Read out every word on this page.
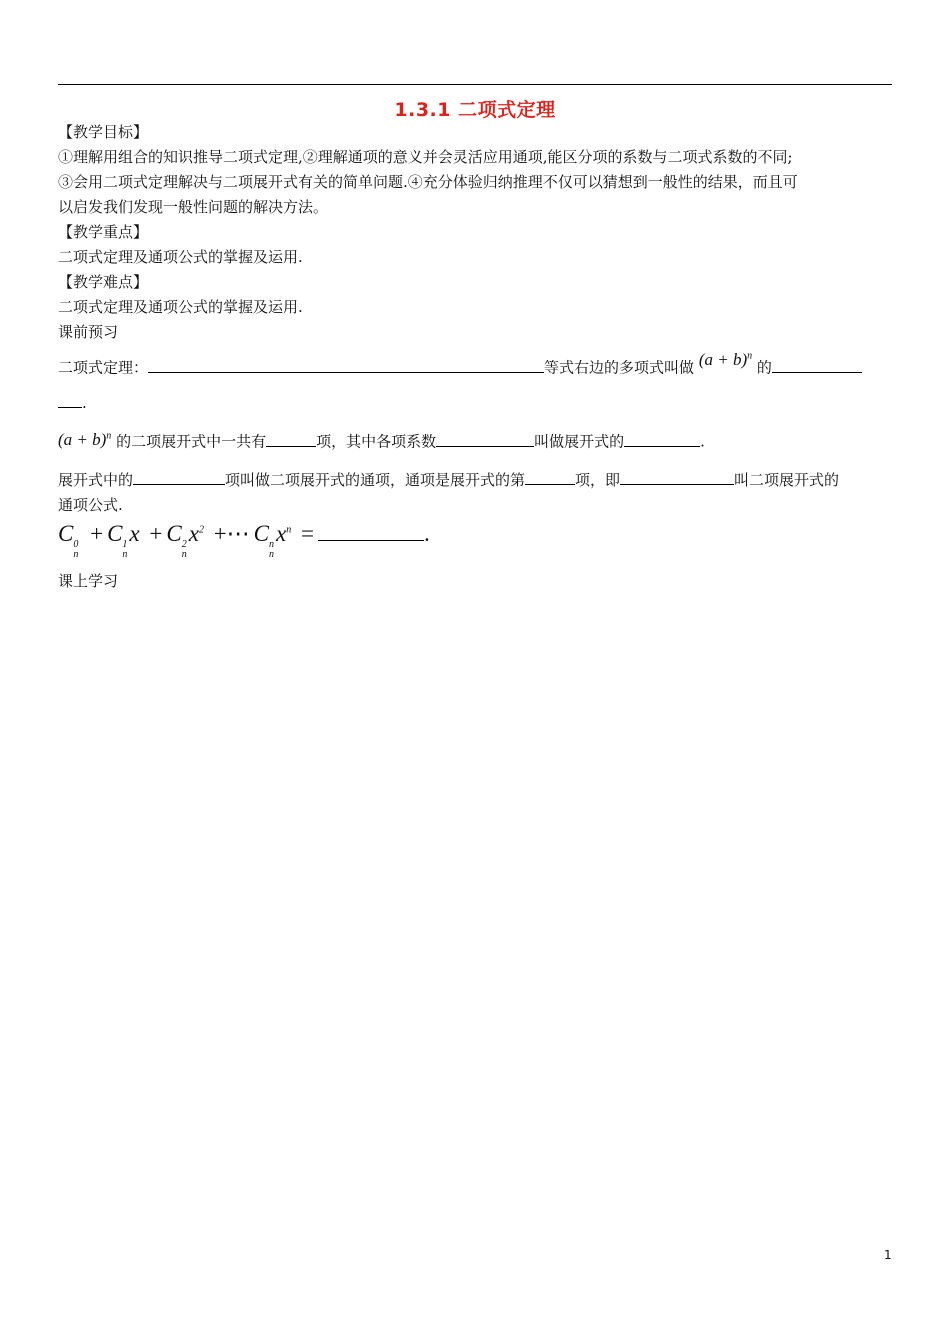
1.3.1 二项式定理
【教学目标】
①理解用组合的知识推导二项式定理,②理解通项的意义并会灵活应用通项,能区分项的系数与二项式系数的不同;
③会用二项式定理解决与二项展开式有关的简单问题.④充分体验归纳推理不仅可以猜想到一般性的结果，而且可
以启发我们发现一般性问题的解决方法。
【教学重点】
二项式定理及通项公式的掌握及运用.
【教学难点】
二项式定理及通项公式的掌握及运用.
课前预习
二项式定理：	等式右边的多项式叫做 $(a + b)^n$ 的
.
$(a + b)^n$ 的二项展开式中一共有	项，其中各项系数	叫做展开式的	.
展开式中的	项叫做二项展开式的通项，通项是展开式的第	项，即	叫二项展开式的
通项公式.
C 0
n
+ C 1
n
x + C 2
n
$x^2$ +⋯ C n
n
$x^n$ =	.
课上学习
1
